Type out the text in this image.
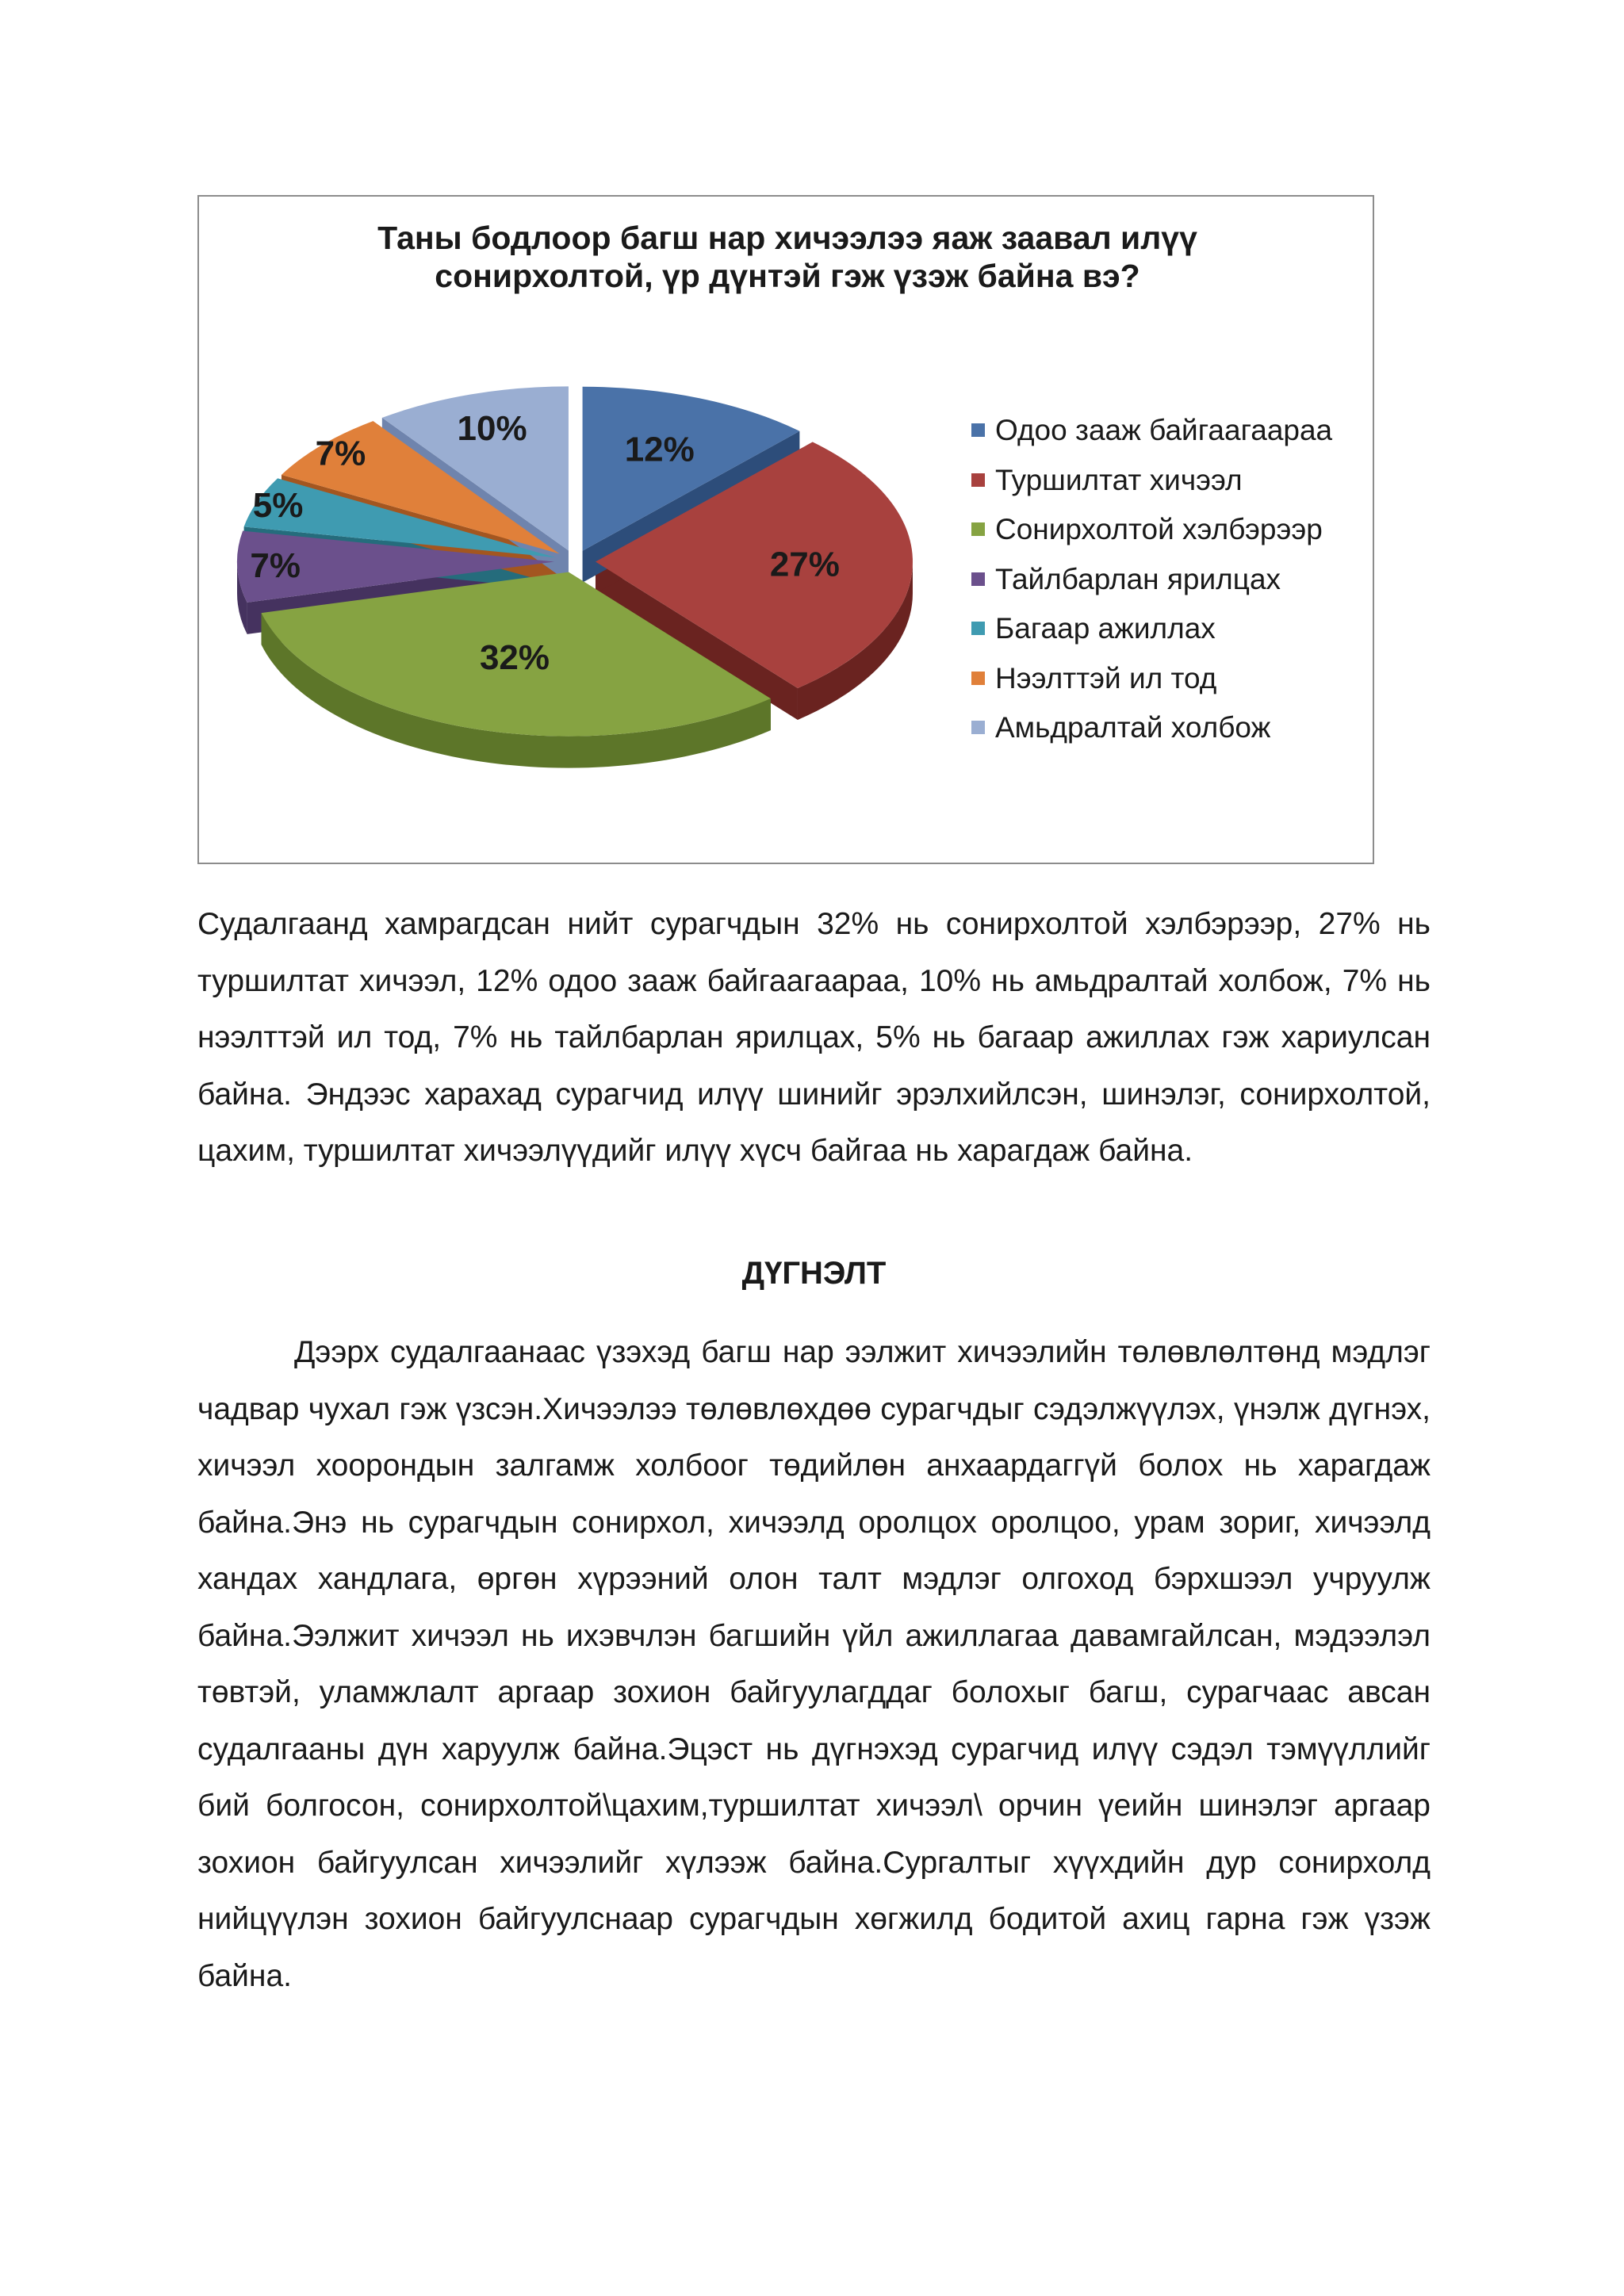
Таны бодлоор багш нар хичээлээ яаж заавал илүү
сонирхолтой, үр дүнтэй гэж үзэж байна вэ?
12%
27%
32%
7%
5%
7%
10%	Одоо зааж байгаагаараа
Туршилтат хичээл
Сонирхолтой хэлбэрээр
Тайлбарлан ярилцах
Багаар ажиллах
Нээлттэй ил тод
Амьдралтай холбож

Судалгаанд хамрагдсан нийт сурагчдын 32% нь сонирхолтой хэлбэрээр, 27% нь туршилтат хичээл, 12% одоо зааж байгаагаараа, 10% нь амьдралтай холбож, 7% нь нээлттэй ил тод, 7% нь тайлбарлан ярилцах, 5% нь багаар ажиллах гэж хариулсан байна. Эндээс харахад сурагчид илүү шинийг эрэлхийлсэн, шинэлэг, сонирхолтой, цахим, туршилтат хичээлүүдийг илүү хүсч байгаа нь харагдаж байна.

ДҮГНЭЛТ

Дээрх судалгаанаас үзэхэд багш нар ээлжит хичээлийн төлөвлөлтөнд мэдлэг чадвар чухал гэж үзсэн.Хичээлээ төлөвлөхдөө сурагчдыг сэдэлжүүлэх, үнэлж дүгнэх, хичээл хоорондын залгамж холбоог төдийлөн анхаардаггүй болох нь харагдаж байна.Энэ нь сурагчдын сонирхол, хичээлд оролцох оролцоо, урам зориг, хичээлд хандах хандлага, өргөн хүрээний олон талт мэдлэг олгоход бэрхшээл учруулж байна.Ээлжит хичээл нь ихэвчлэн багшийн үйл ажиллагаа давамгайлсан, мэдээлэл төвтэй, уламжлалт аргаар зохион байгуулагддаг болохыг багш, сурагчаас авсан судалгааны дүн харуулж байна.Эцэст нь дүгнэхэд сурагчид илүү сэдэл тэмүүллийг бий болгосон, сонирхолтой\цахим,туршилтат хичээл\ орчин үеийн шинэлэг аргаар зохион байгуулсан хичээлийг хүлээж байна.Сургалтыг хүүхдийн дур сонирхолд нийцүүлэн зохион байгуулснаар сурагчдын хөгжилд бодитой ахиц гарна гэж үзэж байна.
